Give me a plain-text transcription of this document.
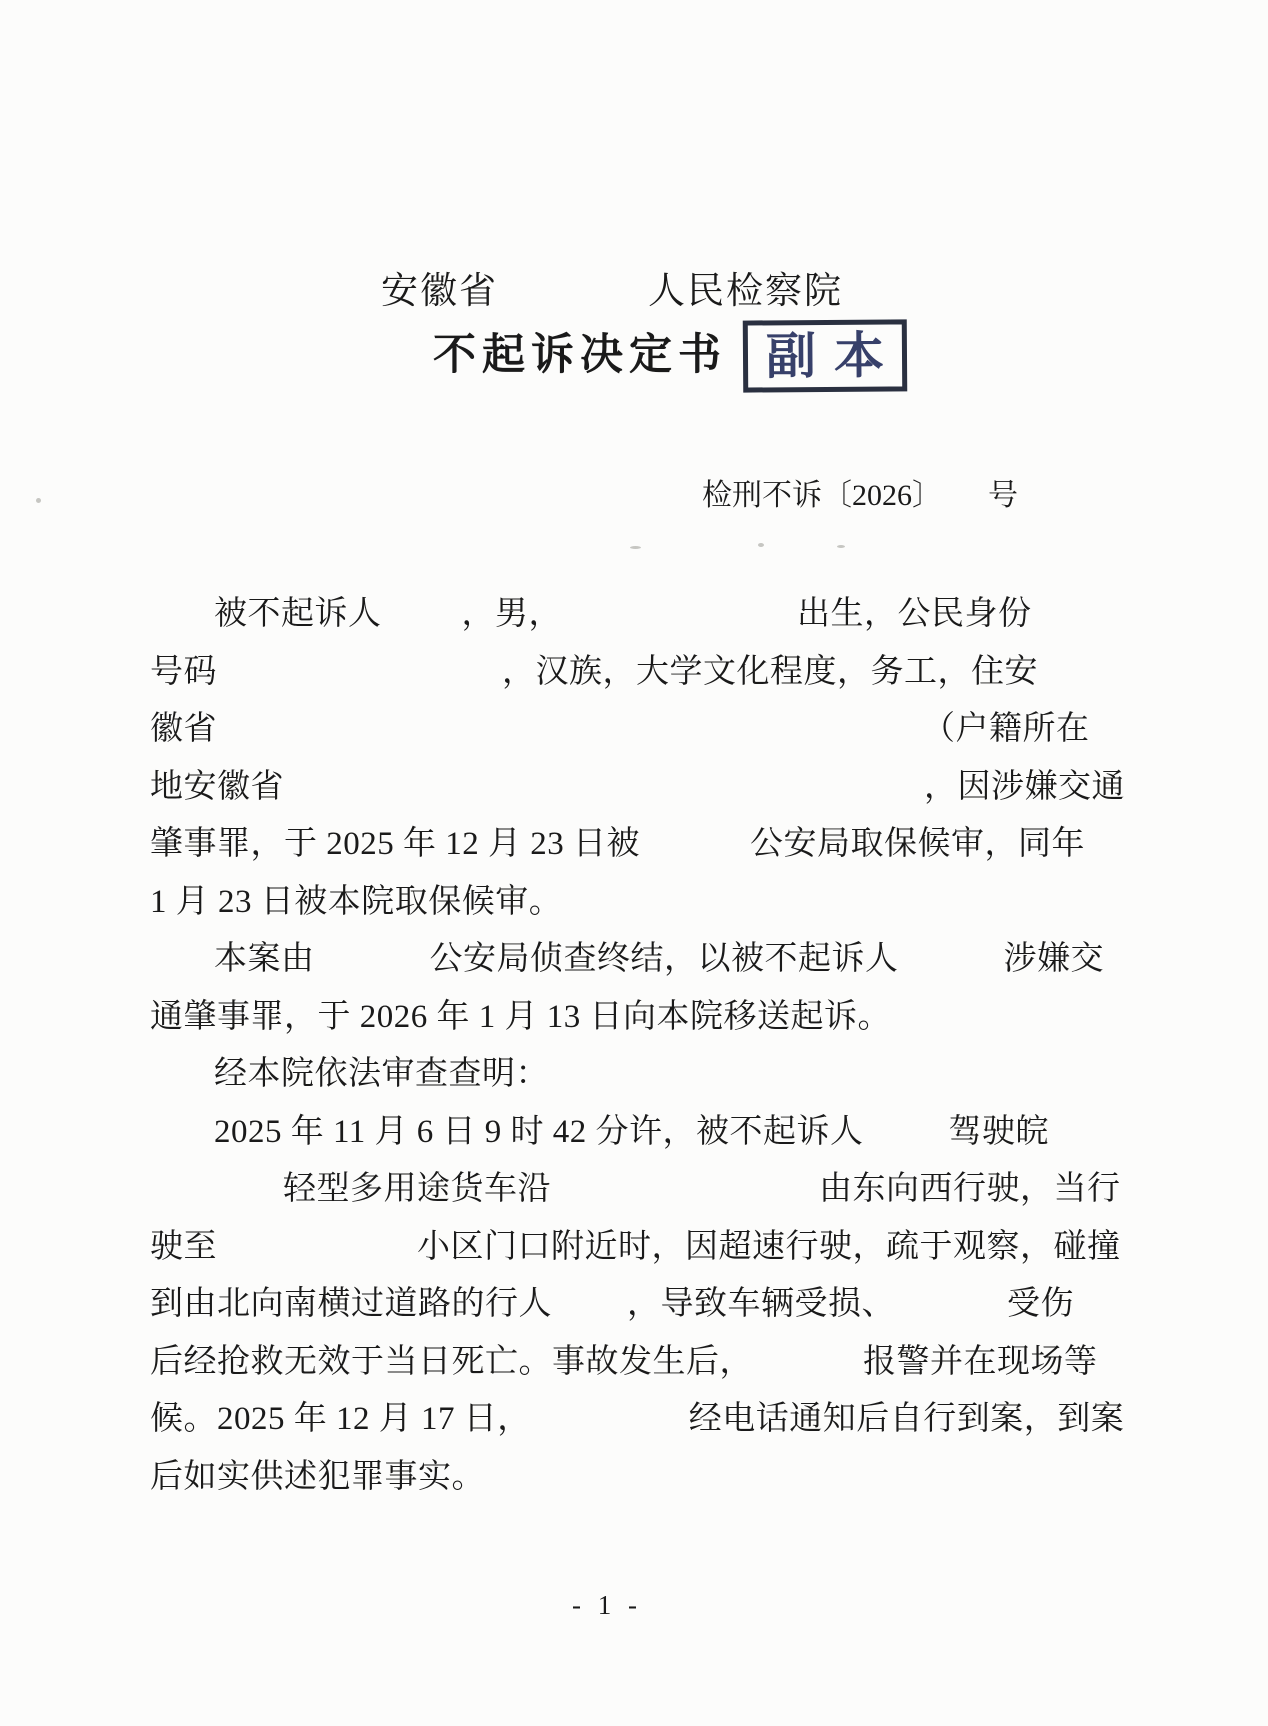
安徽省	人民检察院
不起诉决定书 副本
检刑不诉〔2026〕 号
被不起诉人 ，男，	出生，公民身份
号码	，汉族，大学文化程度，务工，住安
徽省	（户籍所在
地安徽省	，因涉嫌交通
肇事罪，于 2025 年 12 月 23 日被	公安局取保候审，同年
1 月 23 日被本院取保候审。
本案由	公安局侦查终结，以被不起诉人	涉嫌交
通肇事罪，于 2026 年 1 月 13 日向本院移送起诉。
经本院依法审查查明：
2025 年 11 月 6 日 9 时 42 分许，被不起诉人	驾驶皖
轻型多用途货车沿	由东向西行驶，当行
驶至	小区门口附近时，因超速行驶，疏于观察，碰撞
到由北向南横过道路的行人 ，导致车辆受损、	受伤
后经抢救无效于当日死亡。事故发生后，	报警并在现场等
候。2025 年 12 月 17 日，	经电话通知后自行到案，到案
后如实供述犯罪事实。
- 1 -
